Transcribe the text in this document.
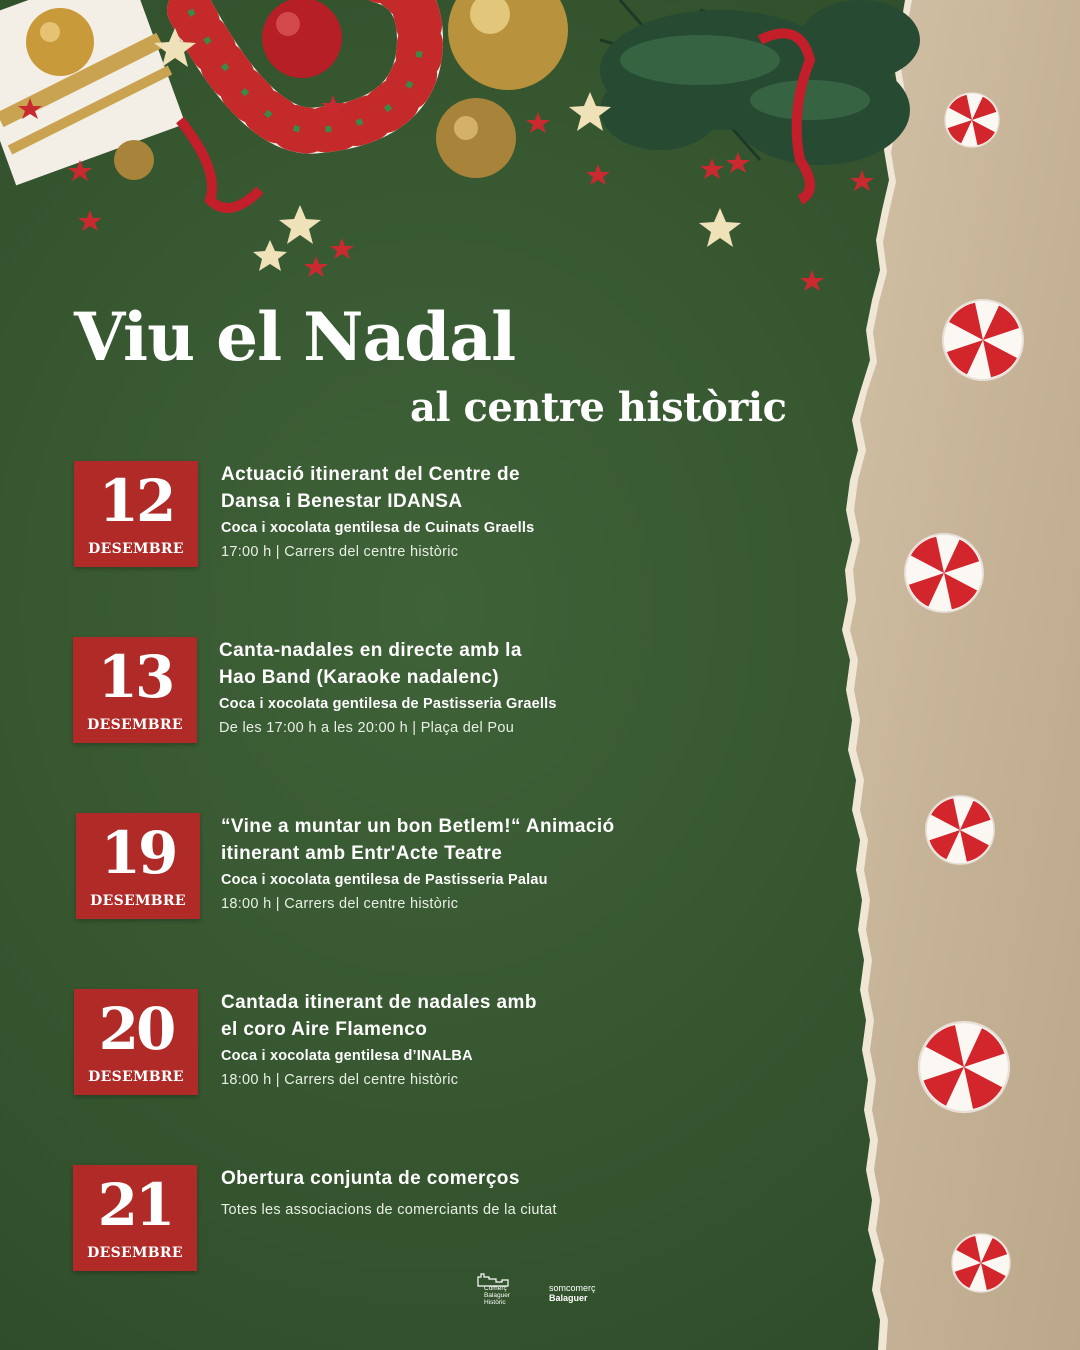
Viu el Nadal
al centre històric
12
DESEMBRE

Actuació itinerant del Centre de
Dansa i Benestar IDANSA

Coca i xocolata gentilesa de Cuinats Graells

17:00 h | Carrers del centre històric

13
DESEMBRE

Canta-nadales en directe amb la
Hao Band (Karaoke nadalenc)

Coca i xocolata gentilesa de Pastisseria Graells

De les 17:00 h a les 20:00 h | Plaça del Pou

19
DESEMBRE

“Vine a muntar un bon Betlem!“ Animació
itinerant amb Entr'Acte Teatre

Coca i xocolata gentilesa de Pastisseria Palau

18:00 h | Carrers del centre històric

20
DESEMBRE

Cantada itinerant de nadales amb
el coro Aire Flamenco

Coca i xocolata gentilesa d’INALBA

18:00 h | Carrers del centre històric

21
DESEMBRE

Obertura conjunta de comerços

Totes les associacions de comerciants de la ciutat

Comerç
Balaguer
Històric
somcomerç
Balaguer
